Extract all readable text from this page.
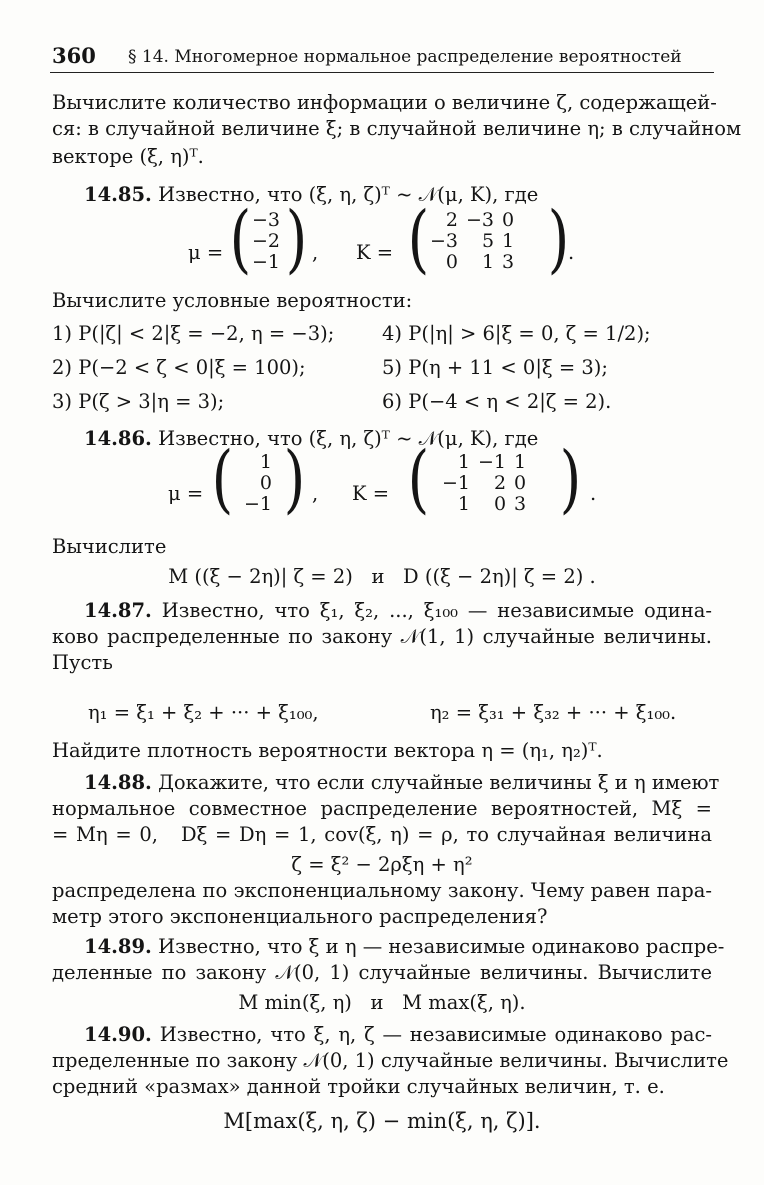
360 § 14. Многомерное нормальное распределение вероятностей
Вычислите количество информации о величине ζ, содержащей-
ся: в случайной величине ξ; в случайной величине η; в случайном
векторе (ξ, η)ᵀ.
14.85. Известно, что (ξ, η, ζ)ᵀ ~ 𝒩(μ, K), где
μ = ( −3
−2
−1 ) , K = ( 2	−3	0
−3	5	1
0	1	3 )
.
Вычислите условные вероятности:
1) P(|ζ| < 2|ξ = −2, η = −3); 4) P(|η| > 6|ξ = 0, ζ = 1/2);
2) P(−2 < ζ < 0|ξ = 100);	5) P(η + 11 < 0|ξ = 3);
3) P(ζ > 3|η = 3);	6) P(−4 < η < 2|ζ = 2).
14.86. Известно, что (ξ, η, ζ)ᵀ ~ 𝒩(μ, K), где
μ = ( 1
0
−1 ) , K = ( 1	−1	1
−1	2	0
1	0	3 ) .
Вычислите
M ((ξ − 2η)| ζ = 2)   и   D ((ξ − 2η)| ζ = 2) .
14.87. Известно, что ξ₁, ξ₂, ..., ξ₁₀₀ — независимые одина-
ково распределенные по закону 𝒩(1, 1) случайные величины.
Пусть
η₁ = ξ₁ + ξ₂ + ··· + ξ₁₀₀,	η₂ = ξ₃₁ + ξ₃₂ + ··· + ξ₁₀₀.
Найдите плотность вероятности вектора η = (η₁, η₂)ᵀ.
14.88. Докажите, что если случайные величины ξ и η имеют
нормальное совместное распределение вероятностей, Mξ =
= Mη = 0,   Dξ = Dη = 1, cov(ξ, η) = ρ, то случайная величина
ζ = ξ² − 2ρξη + η²
распределена по экспоненциальному закону. Чему равен пара-
метр этого экспоненциального распределения?
14.89. Известно, что ξ и η — независимые одинаково распре-
деленные по закону 𝒩(0, 1) случайные величины. Вычислите
M min(ξ, η)   и   M max(ξ, η).
14.90. Известно, что ξ, η, ζ — независимые одинаково рас-
пределенные по закону 𝒩(0, 1) случайные величины. Вычислите
средний «размах» данной тройки случайных величин, т. е.
M[max(ξ, η, ζ) − min(ξ, η, ζ)].
